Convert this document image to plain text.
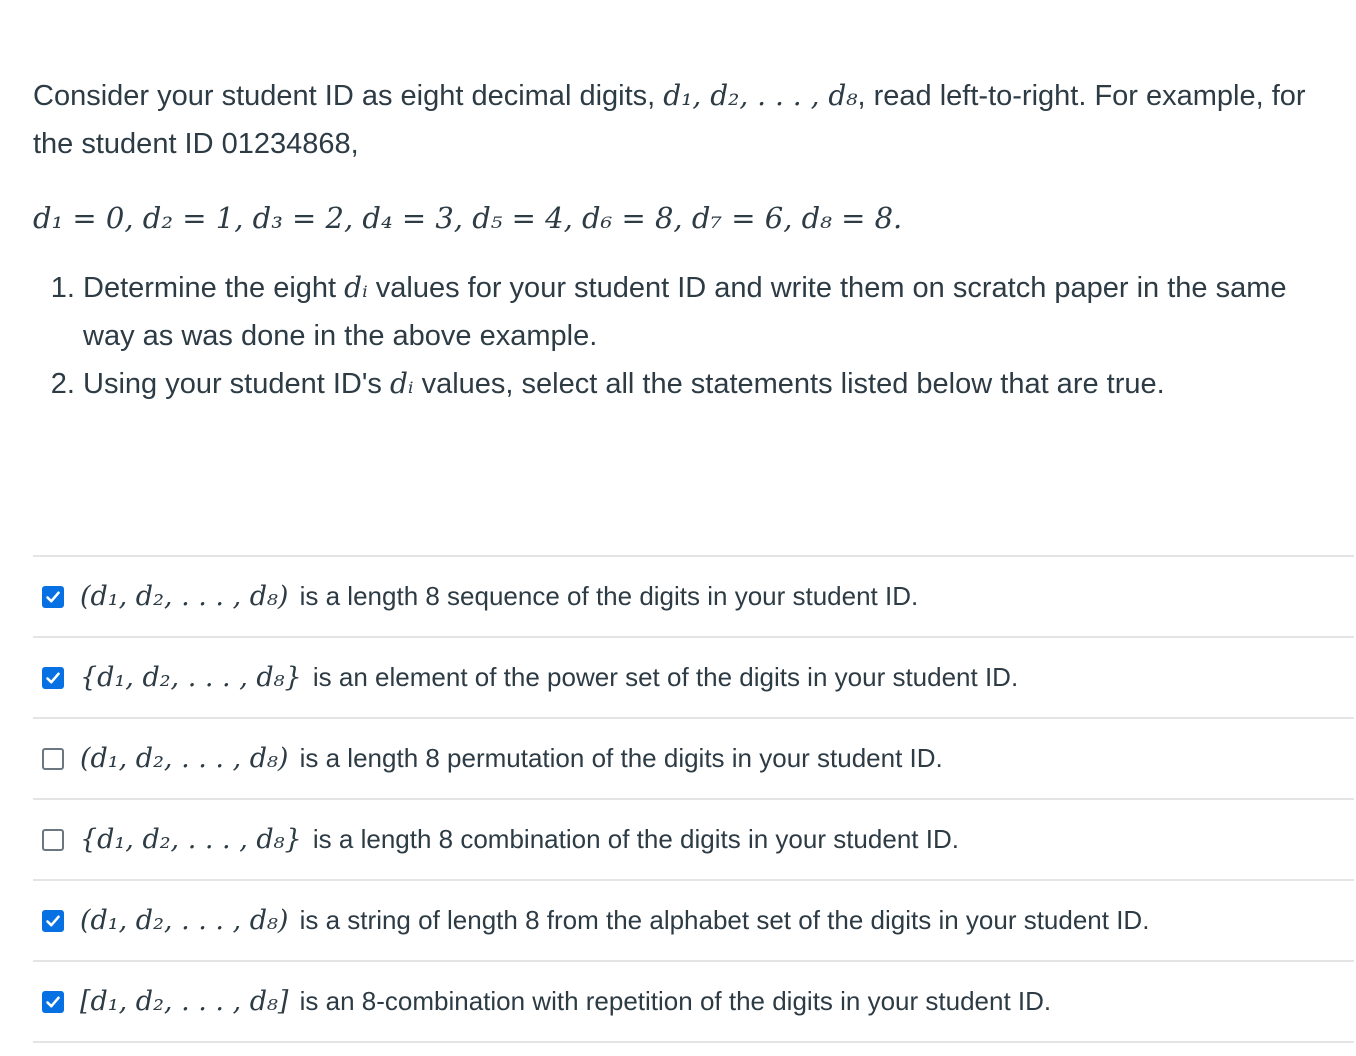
Consider your student ID as eight decimal digits, d₁, d₂, . . . , d₈, read left-to-right. For example, for the student ID 01234868,

d₁ = 0, d₂ = 1, d₃ = 2, d₄ = 3, d₅ = 4, d₆ = 8, d₇ = 6, d₈ = 8.
1. Determine the eight dᵢ values for your student ID and write them on scratch paper in the same way as was done in the above example.
2. Using your student ID's dᵢ values, select all the statements listed below that are true.
(d₁, d₂, . . . , d₈) is a length 8 sequence of the digits in your student ID.
{d₁, d₂, . . . , d₈} is an element of the power set of the digits in your student ID.
(d₁, d₂, . . . , d₈) is a length 8 permutation of the digits in your student ID.
{d₁, d₂, . . . , d₈} is a length 8 combination of the digits in your student ID.
(d₁, d₂, . . . , d₈) is a string of length 8 from the alphabet set of the digits in your student ID.
[d₁, d₂, . . . , d₈] is an 8-combination with repetition of the digits in your student ID.
